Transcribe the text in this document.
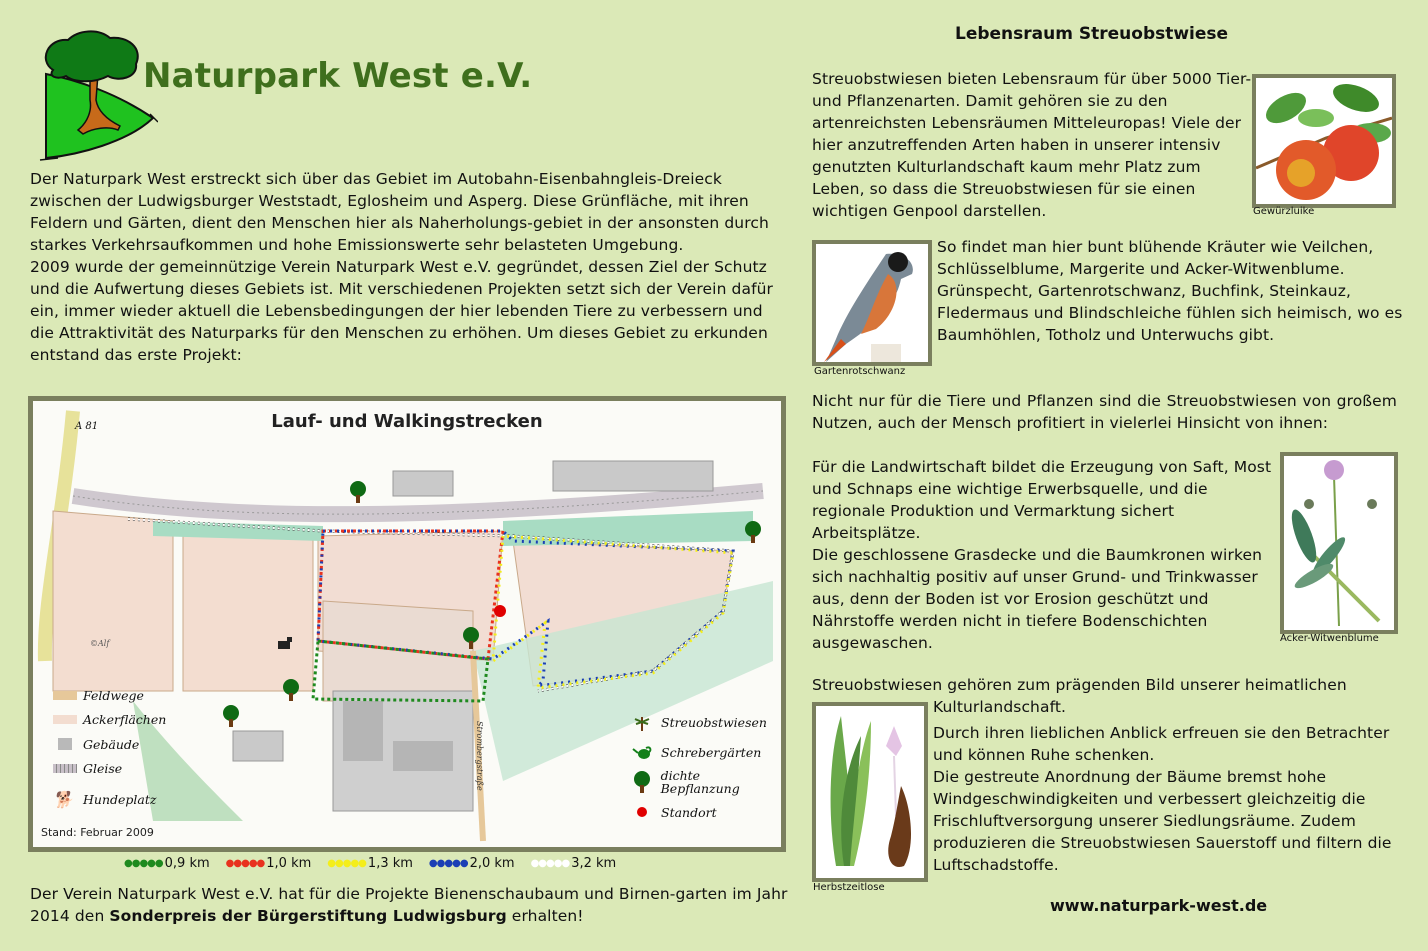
Naturpark West e.V.
Der Naturpark West erstreckt sich über das Gebiet im Autobahn-Eisenbahngleis-Dreieck zwischen der Ludwigsburger Weststadt, Eglosheim und Asperg. Diese Grünfläche, mit ihren Feldern und Gärten, dient den Menschen hier als Naherholungs-gebiet in der ansonsten durch starkes Verkehrsaufkommen und hohe Emissionswerte sehr belasteten Umgebung.
2009 wurde der gemeinnützige Verein Naturpark West e.V. gegründet, dessen Ziel der Schutz und die Aufwertung dieses Gebiets ist. Mit verschiedenen Projekten setzt sich der Verein dafür ein, immer wieder aktuell die Lebensbedingungen der hier lebenden Tiere zu verbessern und die Attraktivität des Naturparks für den Menschen zu erhöhen. Um dieses Gebiet zu erkunden entstand das erste Projekt:
Strombergstraße
©Alf
A 81	Lauf- und Walkingstrecken
Feldwege
Ackerflächen
Gebäude
Gleise
🐕 Hundeplatz
Streuobstwiesen
Schrebergärten
dichte Bepflanzung
Standort
Stand: Februar 2009
●●●●● 0,9 km ●●●●● 1,0 km ●●●●● 1,3 km ●●●●● 2,0 km ●●●●● 3,2 km
Der Verein Naturpark West e.V. hat für die Projekte Bienenschaubaum und Birnen-garten im Jahr 2014 den Sonderpreis der Bürgerstiftung Ludwigsburg erhalten!
Lebensraum Streuobstwiese
Streuobstwiesen bieten Lebensraum für über 5000 Tier- und Pflanzenarten. Damit gehören sie zu den artenreichsten Lebensräumen Mitteleuropas! Viele der hier anzutreffenden Arten haben in unserer intensiv genutzten Kulturlandschaft kaum mehr Platz zum Leben, so dass die Streuobstwiesen für sie einen wichtigen Genpool darstellen.	Gewürzluike
Gartenrotschwanz
So findet man hier bunt blühende Kräuter wie Veilchen, Schlüsselblume, Margerite und Acker-Witwenblume. Grünspecht, Gartenrotschwanz, Buchfink, Steinkauz, Fledermaus und Blindschleiche fühlen sich heimisch, wo es Baumhöhlen, Totholz und Unterwuchs gibt.
Nicht nur für die Tiere und Pflanzen sind die Streuobstwiesen von großem Nutzen, auch der Mensch profitiert in vielerlei Hinsicht von ihnen:
Für die Landwirtschaft bildet die Erzeugung von Saft, Most und Schnaps eine wichtige Erwerbsquelle, und die regionale Produktion und Vermarktung sichert Arbeitsplätze.
Die geschlossene Grasdecke und die Baumkronen wirken sich nachhaltig positiv auf unser Grund- und Trinkwasser aus, denn der Boden ist vor Erosion geschützt und Nährstoffe werden nicht in tiefere Bodenschichten ausgewaschen.	Acker-Witwenblume
Streuobstwiesen gehören zum prägenden Bild unserer heimatlichen
Herbstzeitlose
Kulturlandschaft.
Durch ihren lieblichen Anblick erfreuen sie den Betrachter und können Ruhe schenken.
Die gestreute Anordnung der Bäume bremst hohe Windgeschwindigkeiten und verbessert gleichzeitig die Frischluftversorgung unserer Siedlungsräume. Zudem produzieren die Streuobstwiesen Sauerstoff und filtern die Luftschadstoffe.
www.naturpark-west.de
